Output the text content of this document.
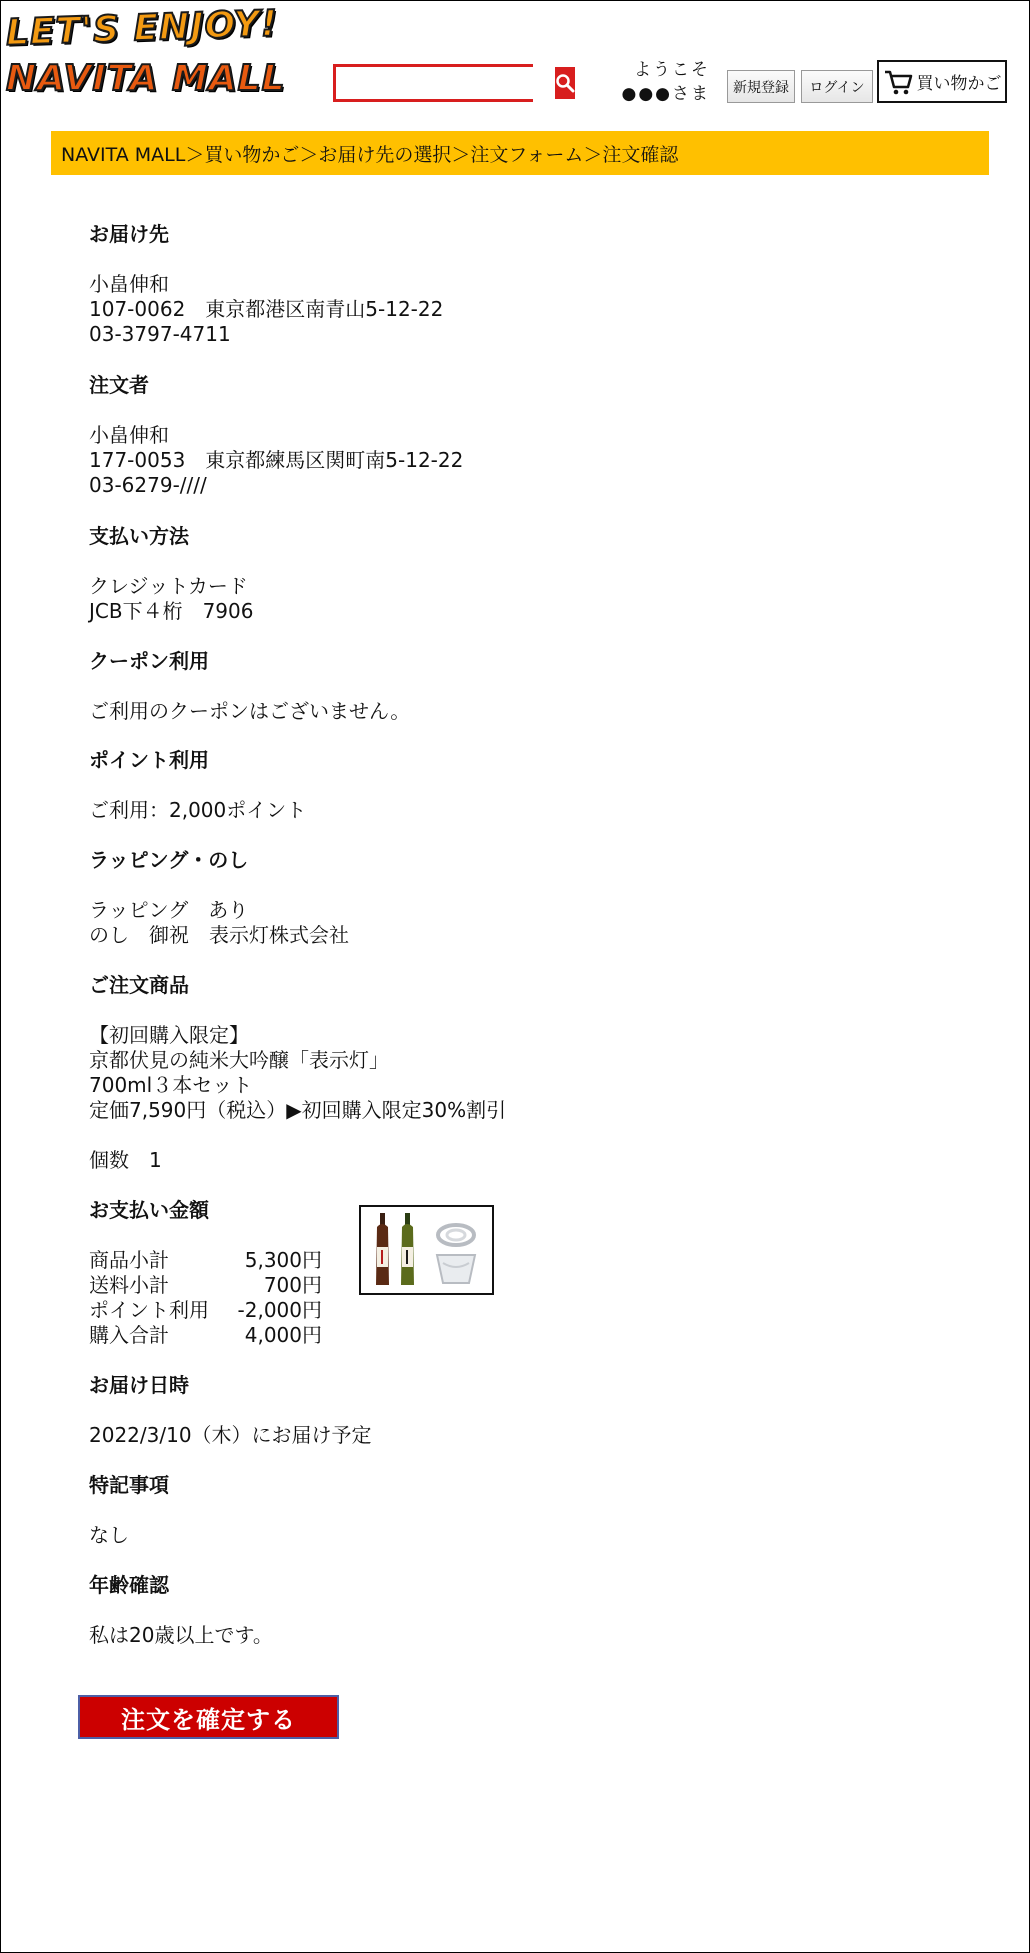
LET'S ENJOY!
NAVITA MALL	ようこそ
●●●さま	新規登録	ログイン	買い物かご
NAVITA MALL＞買い物かご＞お届け先の選択＞注文フォーム＞注文確認
お届け先

小畠伸和

107-0062　東京都港区南青山5-12-22

03-3797-4711

注文者

小畠伸和

177-0053　東京都練馬区関町南5-12-22

03-6279-////

支払い方法

クレジットカード

JCB下４桁　7906

クーポン利用

ご利用のクーポンはございません。

ポイント利用

ご利用：2,000ポイント

ラッピング・のし

ラッピング　あり

のし　御祝　表示灯株式会社

ご注文商品

【初回購入限定】

京都伏見の純米大吟醸「表示灯」

700ml３本セット

定価7,590円（税込）▶初回購入限定30%割引

個数　1

お支払い金額
商品小計	5,300円
送料小計	700円
ポイント利用	-2,000円
購入合計	4,000円
お届け日時

2022/3/10（木）にお届け予定

特記事項

なし

年齢確認

私は20歳以上です。

注文を確定する
